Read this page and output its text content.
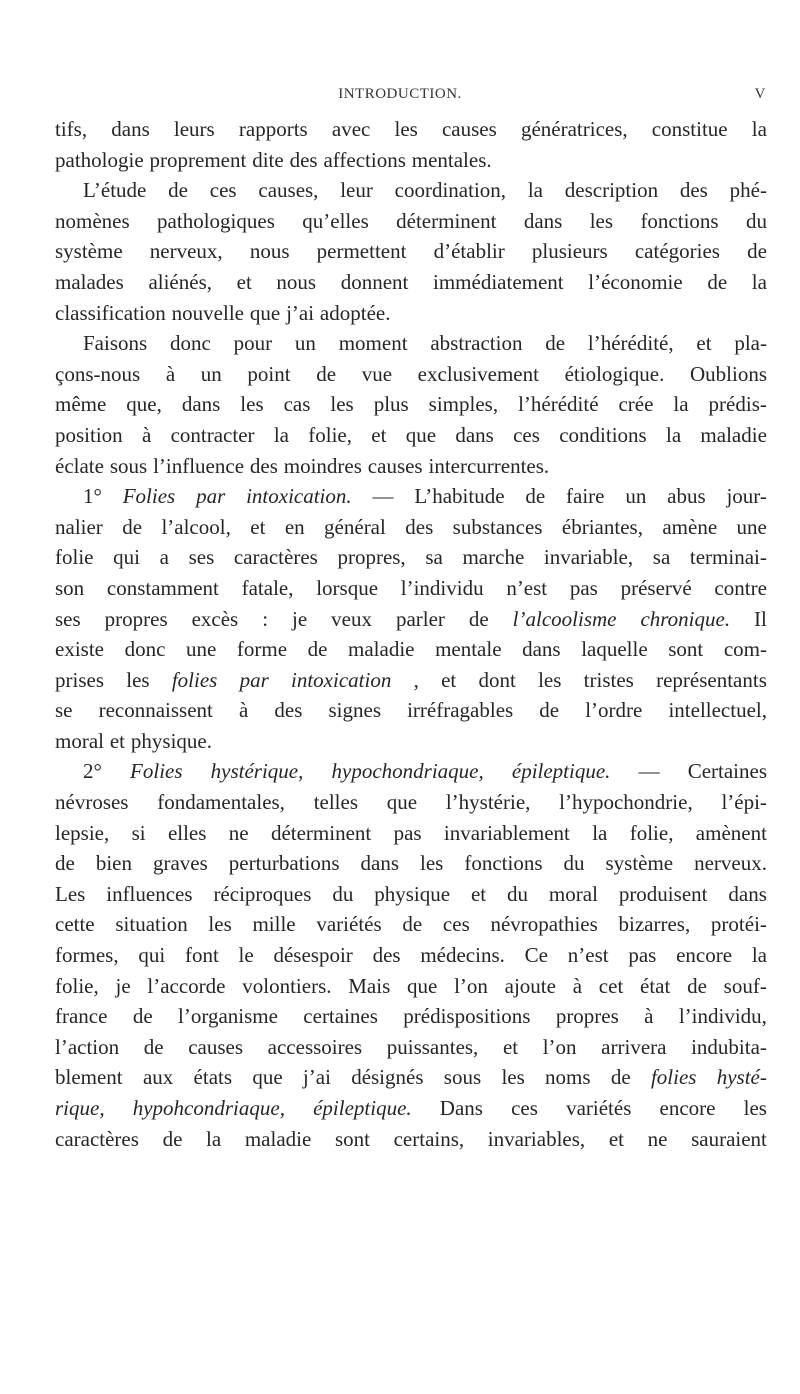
INTRODUCTION.	V
tifs, dans leurs rapports avec les causes génératrices, constitue la
pathologie proprement dite des affections mentales.
L’étude de ces causes, leur coordination, la description des phé-
nomènes pathologiques qu’elles déterminent dans les fonctions du
système nerveux, nous permettent d’établir plusieurs catégories de
malades aliénés, et nous donnent immédiatement l’économie de la
classification nouvelle que j’ai adoptée.
Faisons donc pour un moment abstraction de l’hérédité, et pla-
çons-nous à un point de vue exclusivement étiologique. Oublions
même que, dans les cas les plus simples, l’hérédité crée la prédis-
position à contracter la folie, et que dans ces conditions la maladie
éclate sous l’influence des moindres causes intercurrentes.
1° Folies par intoxication. — L’habitude de faire un abus jour-
nalier de l’alcool, et en général des substances ébriantes, amène une
folie qui a ses caractères propres, sa marche invariable, sa terminai-
son constamment fatale, lorsque l’individu n’est pas préservé contre
ses propres excès : je veux parler de l’alcoolisme chronique. Il
existe donc une forme de maladie mentale dans laquelle sont com-
prises les folies par intoxication , et dont les tristes représentants
se reconnaissent à des signes irréfragables de l’ordre intellectuel,
moral et physique.
2° Folies hystérique, hypochondriaque, épileptique. — Certaines
névroses fondamentales, telles que l’hystérie, l’hypochondrie, l’épi-
lepsie, si elles ne déterminent pas invariablement la folie, amènent
de bien graves perturbations dans les fonctions du système nerveux.
Les influences réciproques du physique et du moral produisent dans
cette situation les mille variétés de ces névropathies bizarres, protéi-
formes, qui font le désespoir des médecins. Ce n’est pas encore la
folie, je l’accorde volontiers. Mais que l’on ajoute à cet état de souf-
france de l’organisme certaines prédispositions propres à l’individu,
l’action de causes accessoires puissantes, et l’on arrivera indubita-
blement aux états que j’ai désignés sous les noms de folies hysté-
rique, hypohcondriaque, épileptique. Dans ces variétés encore les
caractères de la maladie sont certains, invariables, et ne sauraient
